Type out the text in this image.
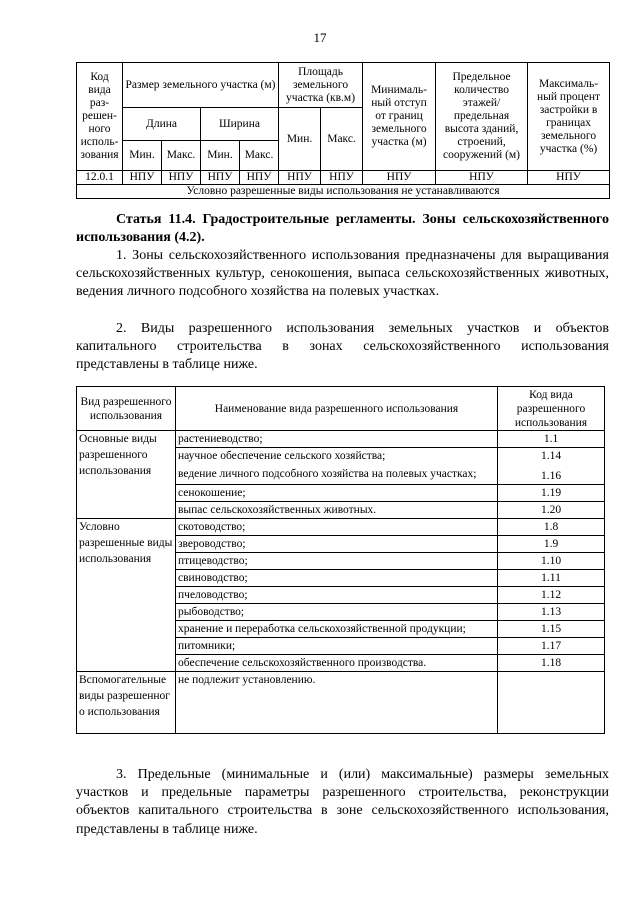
17
Код вида раз-решен-ного исполь-зования	Размер земельного участка (м)				Площадь земельного участка (кв.м)		Минималь-ный отступ от границ земельного участка (м)	Предельное количество этажей/ предельная высота зданий, строений, сооружений (м)	Максималь-ный процент застройки в границах земельного участка (%)
	Длина		Ширина		Мин.	Макс.			
	Мин.	Макс.	Мин.	Макс.					
12.0.1	НПУ	НПУ	НПУ	НПУ	НПУ	НПУ	НПУ	НПУ	НПУ
Условно разрешенные виды использования не устанавливаются									
Статья 11.4. Градостроительные регламенты. Зоны сельскохозяйственного использования (4.2).
1. Зоны сельскохозяйственного использования предназначены для выращивания сельскохозяйственных культур, сенокошения, выпаса сельскохозяйственных животных, ведения личного подсобного хозяйства на полевых участках.
2. Виды разрешенного использования земельных участков и объектов капитального строительства в зонах сельскохозяйственного использования представлены в таблице ниже.
Вид разрешенного использования	Наименование вида разрешенного использования	Код вида разрешенного использования
Основные виды разрешенного использования	растениеводство;	1.1
	научное обеспечение сельского хозяйства;	1.14
	ведение личного подсобного хозяйства на полевых участках;	1.16
	сенокошение;	1.19
	выпас сельскохозяйственных животных.	1.20
Условно разрешенные виды использования	скотоводство;	1.8
	звероводство;	1.9
	птицеводство;	1.10
	свиноводство;	1.11
	пчеловодство;	1.12
	рыбоводство;	1.13
	хранение и переработка сельскохозяйственной продукции;	1.15
	питомники;	1.17
	обеспечение сельскохозяйственного производства.	1.18
Вспомогательные виды разрешенного использования	не подлежит установлению.	
3. Предельные (минимальные и (или) максимальные) размеры земельных участков и предельные параметры разрешенного строительства, реконструкции объектов капитального строительства в зоне сельскохозяйственного использования, представлены в таблице ниже.
